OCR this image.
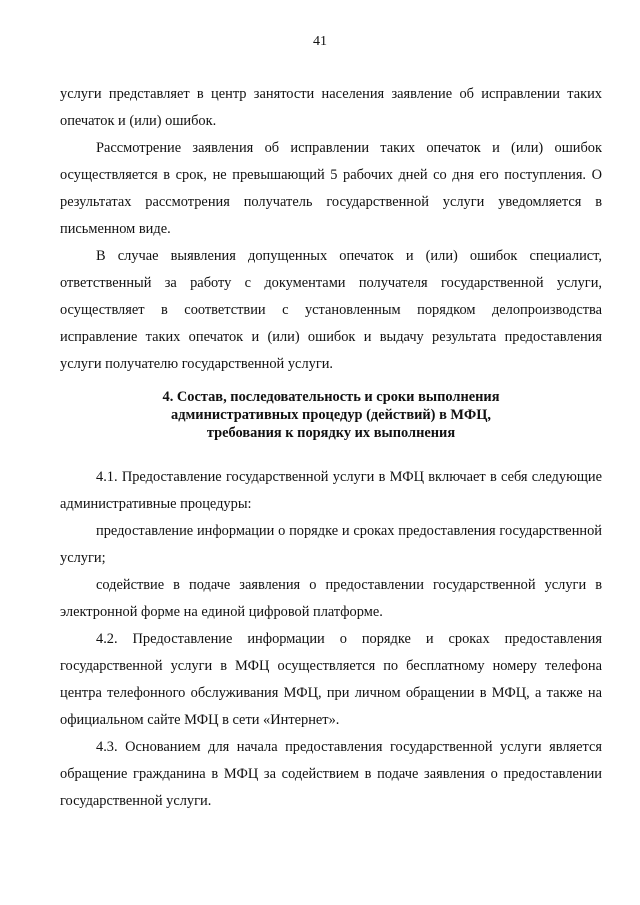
41

услуги представляет в центр занятости населения заявление об исправлении таких опечаток и (или) ошибок.

Рассмотрение заявления об исправлении таких опечаток и (или) ошибок осуществляется в срок, не превышающий 5 рабочих дней со дня его поступления. О результатах рассмотрения получатель государственной услуги уведомляется в письменном виде.

В случае выявления допущенных опечаток и (или) ошибок специалист, ответственный за работу с документами получателя государственной услуги, осуществляет в соответствии с установленным порядком делопроизводства исправление таких опечаток и (или) ошибок и выдачу результата предоставления услуги получателю государственной услуги.

4. Состав, последовательность и сроки выполнения
административных процедур (действий) в МФЦ,
требования к порядку их выполнения

4.1. Предоставление государственной услуги в МФЦ включает в себя следующие административные процедуры:

предоставление информации о порядке и сроках предоставления государственной услуги;

содействие в подаче заявления о предоставлении государственной услуги в электронной форме на единой цифровой платформе.

4.2. Предоставление информации о порядке и сроках предоставления государственной услуги в МФЦ осуществляется по бесплатному номеру телефона центра телефонного обслуживания МФЦ, при личном обращении в МФЦ, а также на официальном сайте МФЦ в сети «Интернет».

4.3. Основанием для начала предоставления государственной услуги является обращение гражданина в МФЦ за содействием в подаче заявления о предоставлении государственной услуги.
